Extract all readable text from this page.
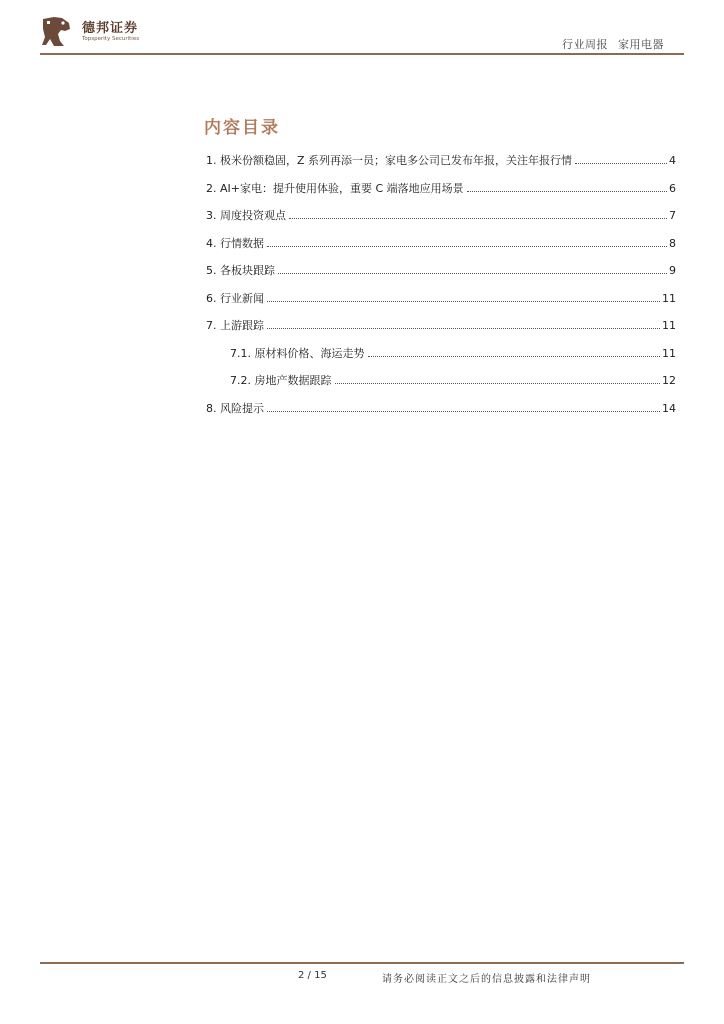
德邦证券
Topsperity Securities	行业周报 家用电器
内容目录
1. 极米份额稳固，Z 系列再添一员；家电多公司已发布年报，关注年报行情	4
2. AI+家电：提升使用体验，重要 C 端落地应用场景	6
3. 周度投资观点	7
4. 行情数据	8
5. 各板块跟踪	9
6. 行业新闻	11
7. 上游跟踪	11
7.1. 原材料价格、海运走势	11
7.2. 房地产数据跟踪	12
8. 风险提示	14
2 / 15	请务必阅读正文之后的信息披露和法律声明
